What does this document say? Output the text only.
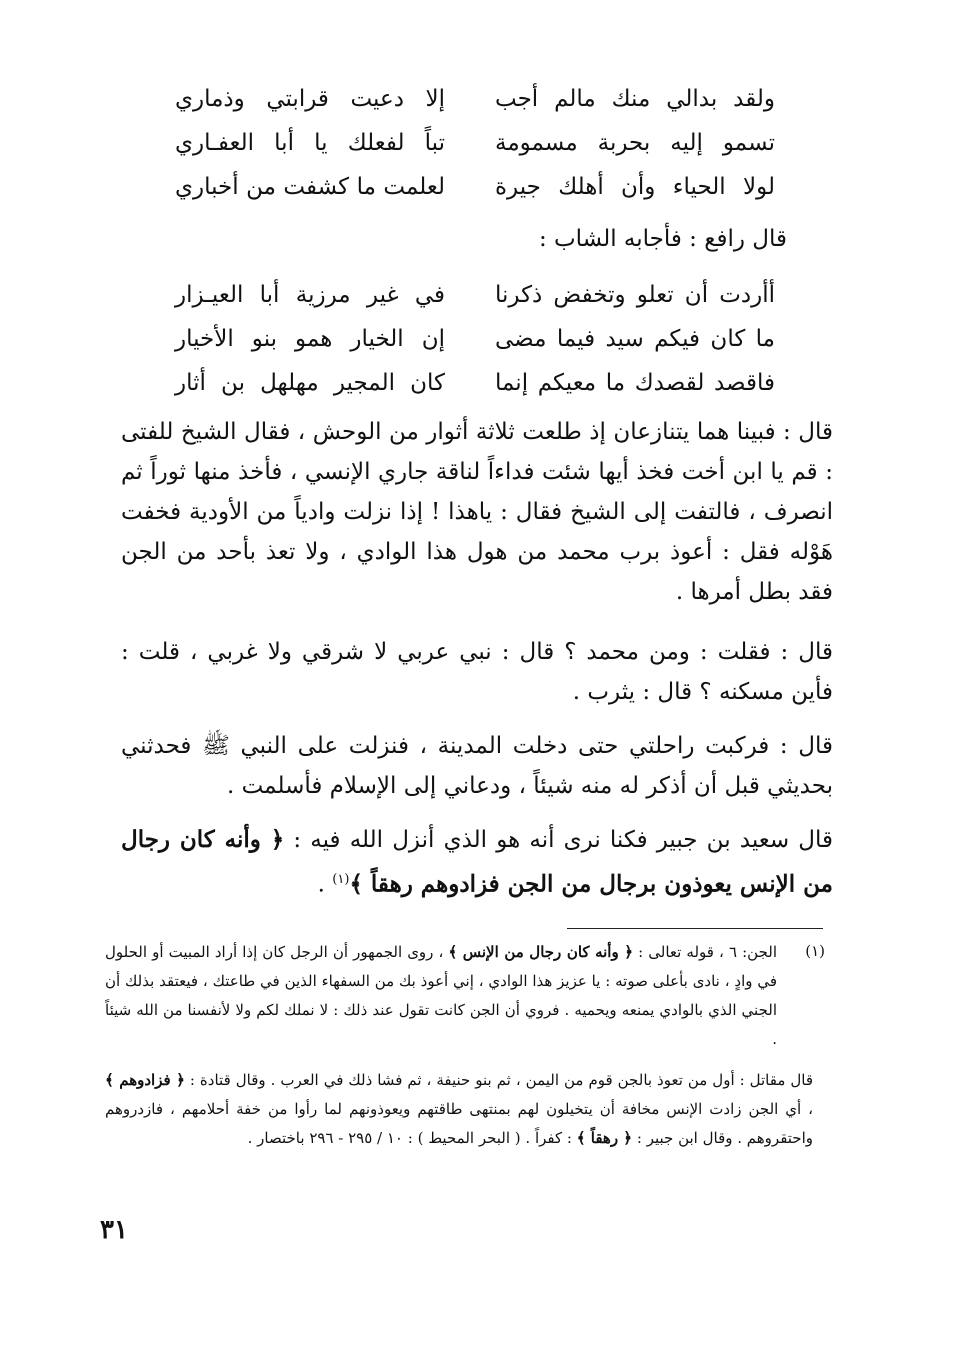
ولقد بدالي منك مالم أجب
إلا دعيت قرابتي وذماري
تسمو إليه بحربة مسمومة
تباً لفعلك يا أبا العفـاري
لولا الحياء وأن أهلك جيرة
لعلمت ما كشفت من أخباري
قال رافع : فأجابه الشاب :
أأردت أن تعلو وتخفض ذكرنا
في غير مرزية أبا العيـزار
ما كان فيكم سيد فيما مضى
إن الخيار همو بنو الأخيار
فاقصد لقصدك ما معيكم إنما
كان المجير مهلهل بن أثار
قال : فبينا هما يتنازعان إذ طلعت ثلاثة أثوار من الوحش ، فقال الشيخ للفتى : قم يا ابن أخت فخذ أيها شئت فداءاً لناقة جاري الإنسي ، فأخذ منها ثوراً ثم انصرف ، فالتفت إلى الشيخ فقال : ياهذا ! إذا نزلت وادياً من الأودية فخفت هَوْله فقل : أعوذ برب محمد من هول هذا الوادي ، ولا تعذ بأحد من الجن فقد بطل أمرها .
قال : فقلت : ومن محمد ؟ قال : نبي عربي لا شرقي ولا غربي ، قلت : فأين مسكنه ؟ قال : يثرب .
قال : فركبت راحلتي حتى دخلت المدينة ، فنزلت على النبي ﷺ فحدثني بحديثي قبل أن أذكر له منه شيئاً ، ودعاني إلى الإسلام فأسلمت .
قال سعيد بن جبير فكنا نرى أنه هو الذي أنزل الله فيه : ﴿ وأنه كان رجال من الإنس يعوذون برجال من الجن فزادوهم رهقاً ﴾$^{(١)}$ .
(١)
الجن: ٦ ، قوله تعالى : ﴿ وأنه كان رجال من الإنس ﴾ ، روى الجمهور أن الرجل كان إذا أراد المبيت أو الحلول في وادٍ ، نادى بأعلى صوته : يا عزيز هذا الوادي ، إني أعوذ بك من السفهاء الذين في طاعتك ، فيعتقد بذلك أن الجني الذي بالوادي يمنعه ويحميه . فروي أن الجن كانت تقول عند ذلك : لا نملك لكم ولا لأنفسنا من الله شيئاً .
قال مقاتل : أول من تعوذ بالجن قوم من اليمن ، ثم بنو حنيفة ، ثم فشا ذلك في العرب . وقال قتادة : ﴿ فزادوهم ﴾ ، أي الجن زادت الإنس مخافة أن يتخيلون لهم بمنتهى طاقتهم ويعوذونهم لما رأوا من خفة أحلامهم ، فازدروهم واحتقروهم . وقال ابن جبير : ﴿ رهقاً ﴾ : كفراً . ( البحر المحيط ) : ١٠ / ٢٩٥ - ٢٩٦ باختصار .
٣١
